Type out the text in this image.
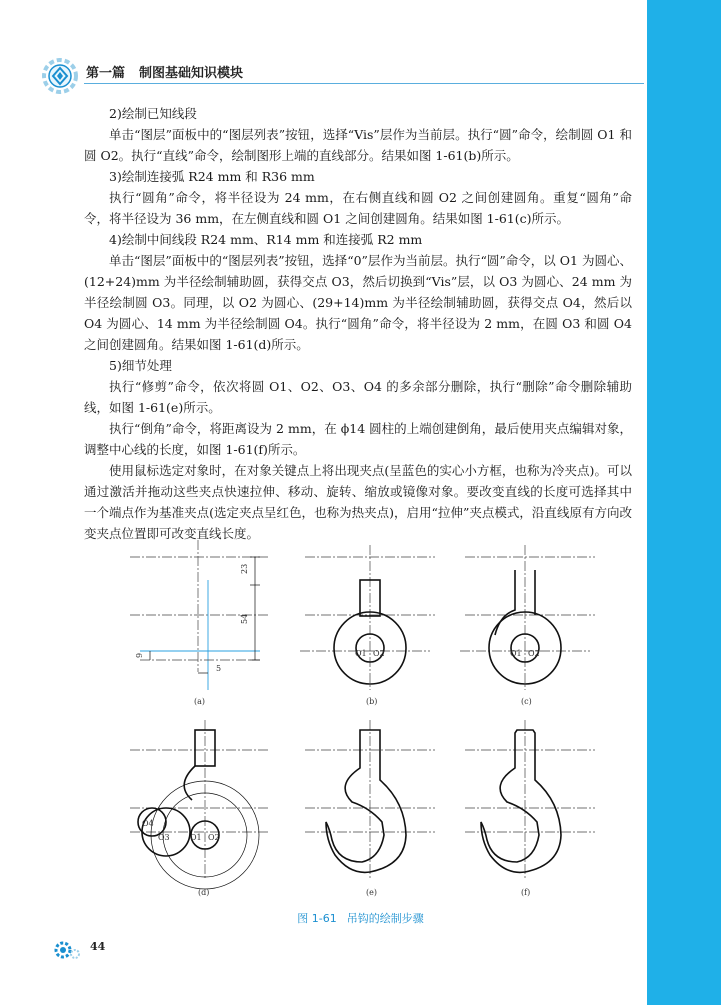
第一篇 制图基础知识模块

2)绘制已知线段

单击“图层”面板中的“图层列表”按钮，选择“Vis”层作为当前层。执行“圆”命令，绘制圆 O1 和圆 O2。执行“直线”命令，绘制图形上端的直线部分。结果如图 1-61(b)所示。

3)绘制连接弧 R24 mm 和 R36 mm

执行“圆角”命令，将半径设为 24 mm，在右侧直线和圆 O2 之间创建圆角。重复“圆角”命令，将半径设为 36 mm，在左侧直线和圆 O1 之间创建圆角。结果如图 1-61(c)所示。

4)绘制中间线段 R24 mm、R14 mm 和连接弧 R2 mm

单击“图层”面板中的“图层列表”按钮，选择“0”层作为当前层。执行“圆”命令，以 O1 为圆心、(12+24)mm 为半径绘制辅助圆，获得交点 O3，然后切换到“Vis”层，以 O3 为圆心、24 mm 为半径绘制圆 O3。同理，以 O2 为圆心、(29+14)mm 为半径绘制辅助圆，获得交点 O4，然后以 O4 为圆心、14 mm 为半径绘制圆 O4。执行“圆角”命令，将半径设为 2 mm，在圆 O3 和圆 O4 之间创建圆角。结果如图 1-61(d)所示。

5)细节处理

执行“修剪”命令，依次将圆 O1、O2、O3、O4 的多余部分删除，执行“删除”命令删除辅助线，如图 1-61(e)所示。

执行“倒角”命令，将距离设为 2 mm，在 ϕ14 圆柱的上端创建倒角，最后使用夹点编辑对象，调整中心线的长度，如图 1-61(f)所示。

使用鼠标选定对象时，在对象关键点上将出现夹点(呈蓝色的实心小方框，也称为冷夹点)。可以通过激活并拖动这些夹点快速拉伸、移动、旋转、缩放或镜像对象。要改变直线的长度可选择其中一个端点作为基准夹点(选定夹点呈红色，也称为热夹点)，启用“拉伸”夹点模式，沿直线原有方向改变夹点位置即可改变直线长度。

23
54
9
5
(a)
O1 O2
(b)
O1 O2
(c)
O4
O3	O1 O2
(d)	(e)	(f)
图 1-61 吊钩的绘制步骤
44
